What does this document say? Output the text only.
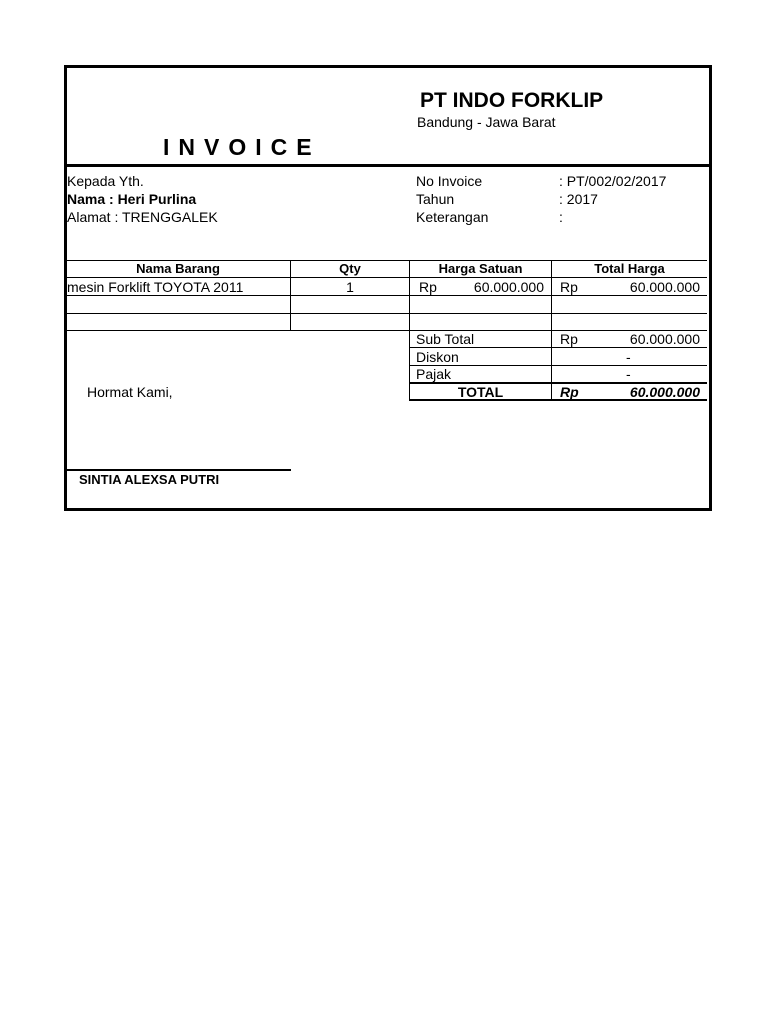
PT INDO FORKLIP
Bandung - Jawa Barat
INVOICE
Kepada Yth.
Nama : Heri Purlina
Alamat : TRENGGALEK
No Invoice	: PT/002/02/2017
Tahun	: 2017
Keterangan	:
Nama Barang	Qty	Harga Satuan	Total Harga
mesin Forklift TOYOTA 2011	1	Rp	60.000.000 Rp	60.000.000
Sub Total	Rp	60.000.000
Diskon	-
Pajak	-
TOTAL	Rp	60.000.000
Hormat Kami,
SINTIA ALEXSA PUTRI
